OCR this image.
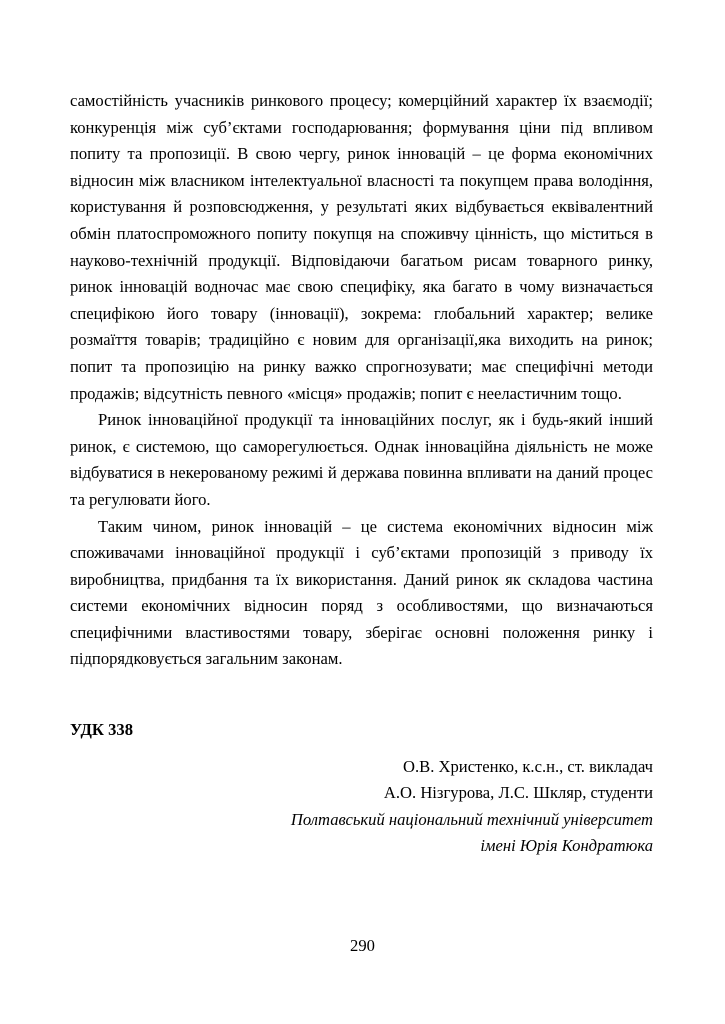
самостійність учасників ринкового процесу; комерційний характер їх взаємодії; конкуренція між суб’єктами господарювання; формування ціни під впливом попиту та пропозиції. В свою чергу, ринок інновацій – це форма економічних відносин між власником інтелектуальної власності та покупцем права володіння, користування й розповсюдження, у результаті яких відбувається еквівалентний обмін платоспроможного попиту покупця на споживчу цінність, що міститься в науково-технічній продукції. Відповідаючи багатьом рисам товарного ринку, ринок інновацій водночас має свою специфіку, яка багато в чому визначається специфікою його товару (інновації), зокрема: глобальний характер; велике розмаїття товарів; традиційно є новим для організації,яка виходить на ринок; попит та пропозицію на ринку важко спрогнозувати; має специфічні методи продажів; відсутність певного «місця» продажів; попит є нееластичним тощо.

Ринок інноваційної продукції та інноваційних послуг, як і будь-який інший ринок, є системою, що саморегулюється. Однак інноваційна діяльність не може відбуватися в некерованому режимі й держава повинна впливати на даний процес та регулювати його.

Таким чином, ринок інновацій – це система економічних відносин між споживачами інноваційної продукції і суб’єктами пропозицій з приводу їх виробництва, придбання та їх використання. Даний ринок як складова частина системи економічних відносин поряд з особливостями, що визначаються специфічними властивостями товару, зберігає основні положення ринку і підпорядковується загальним законам.

УДК 338
О.В. Христенко, к.с.н., ст. викладач
А.О. Нізгурова, Л.С. Шкляр, студенти
Полтавський національний технічний університет
імені Юрія Кондратюка
290
